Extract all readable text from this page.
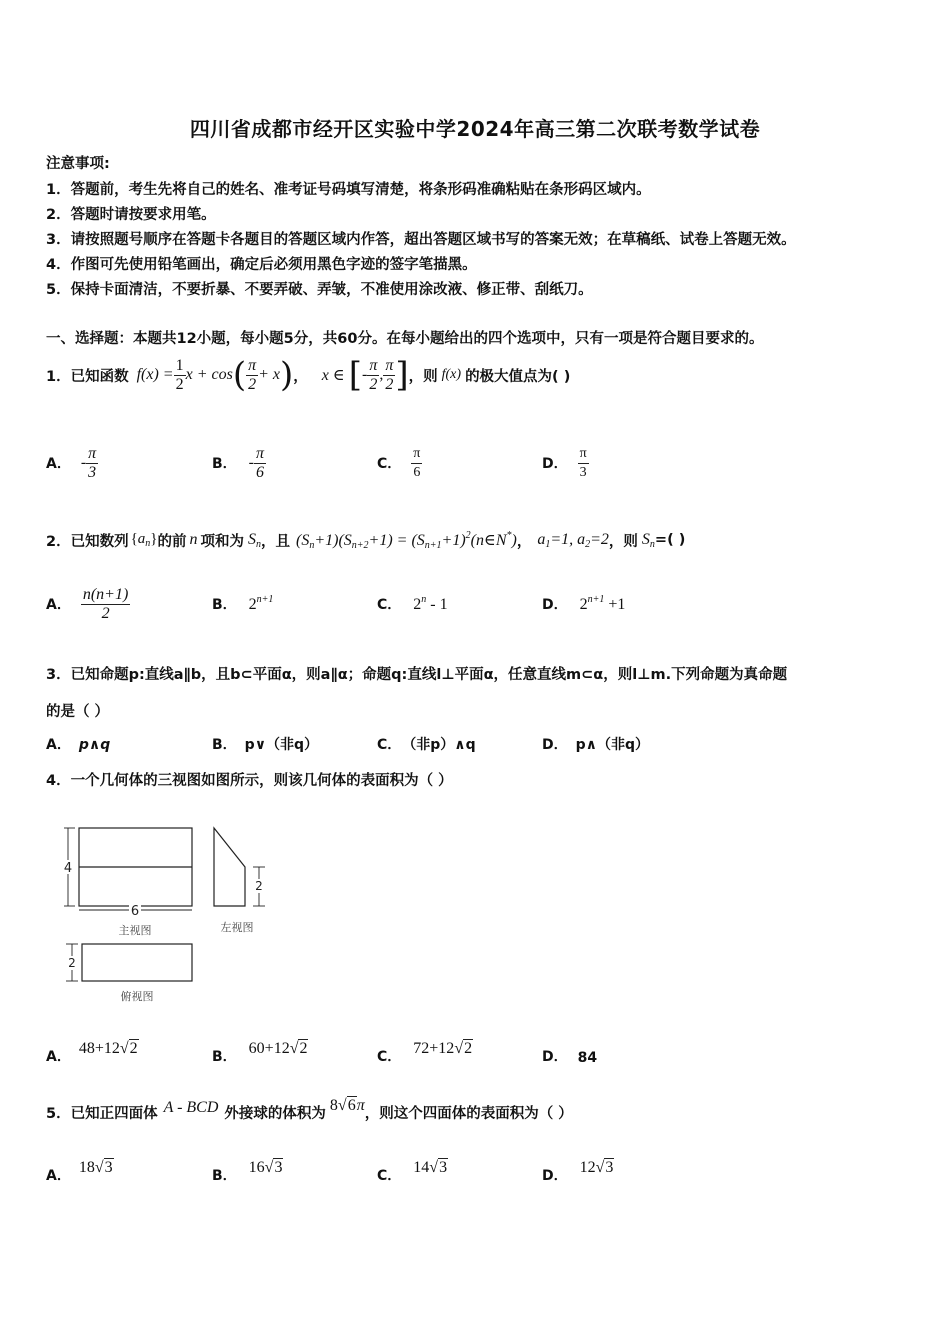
四川省成都市经开区实验中学2024年高三第二次联考数学试卷
注意事项:
1．答题前，考生先将自己的姓名、准考证号码填写清楚，将条形码准确粘贴在条形码区域内。
2．答题时请按要求用笔。
3．请按照题号顺序在答题卡各题目的答题区域内作答，超出答题区域书写的答案无效；在草稿纸、试卷上答题无效。
4．作图可先使用铅笔画出，确定后必须用黑色字迹的签字笔描黑。
5．保持卡面清洁，不要折暴、不要弄破、弄皱，不准使用涂改液、修正带、刮纸刀。
一、选择题：本题共12小题，每小题5分，共60分。在每小题给出的四个选项中，只有一项是符合题目要求的。
1．已知函数 $f(x) = \frac{1}{2}$ x + cos ( $\frac{\pi}{2} + x$ ) ， x ∈ [ - $\frac{\pi}{2}$ , $\frac{\pi}{2}$ ] ，则 f(x) 的极大值点为( )
A． - $\frac{\pi}{3}$	B． - $\frac{\pi}{6}$	C． $\frac{\pi}{6}$	D． $\frac{\pi}{3}$
2．已知数列 $\{a_n\}$ 的前 n 项和为 $S_n$ ，且 $(S_n+1)(S_{n+2}+1)$ = $(S_{n+1}+1)^2(n\in N^*)$ ， $a_1=1$, $a_2=2$ ，则 $S_n$ =( )
A． $\frac{n(n+1)}{2}$	B． $2^{n+1}$	C． 2$^n$ - 1	D． $2^{n+1} +1$
3．已知命题p:直线a∥b，且b⊂平面α，则a∥α；命题q:直线l⊥平面α，任意直线m⊂α，则l⊥m.下列命题为真命题
的是（ ）
A． p∧q	B． p∨（非q）	C． （非p）∧q	D． p∧（非q）
4．一个几何体的三视图如图所示，则该几何体的表面积为（ ）
4
6
主视图
2
左视图
2
俯视图
A． 48+12√2	B． 60+12√2	C． 72+12√2	D． 84
5．已知正四面体 A - BCD 外接球的体积为 8√6π ，则这个四面体的表面积为（ ）
A． 18√3	B． 16√3	C． 14√3	D． 12√3
